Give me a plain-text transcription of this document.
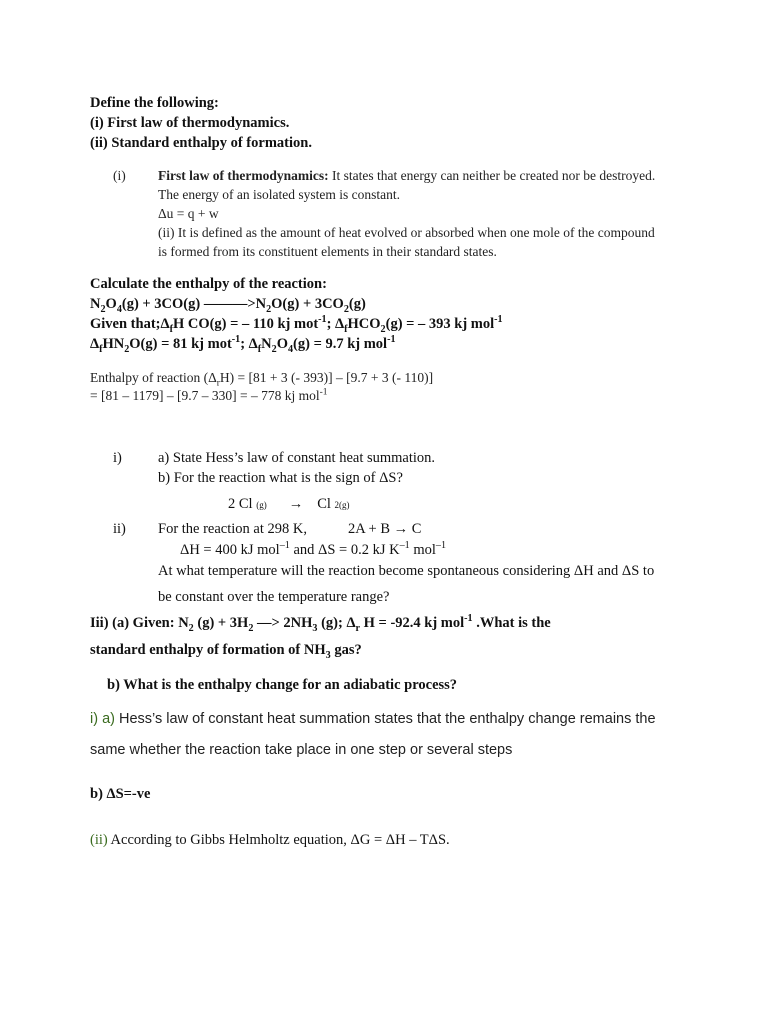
Define the following:
(i) First law of thermodynamics.
(ii) Standard enthalpy of formation.
(i) First law of thermodynamics: It states that energy can neither be created nor be destroyed.
The energy of an isolated system is constant.
Δu = q + w
(ii) It is defined as the amount of heat evolved or absorbed when one mole of the compound
is formed from its constituent elements in their standard states.
Calculate the enthalpy of the reaction:
$N_2O_4(g) + 3CO(g)$ $———>N_2O(g) + 3CO_2(g)$
Given $that;\Delta_fH$ CO(g) = – 110 kj mot$^{-1}$; $\Delta_fHCO_2(g)$ = – 393 kj mol$^{-1}$
$\Delta_fHN_2O(g) = 81$ kj mot$^{-1}$; $\Delta_fN_2O_4(g) = 9.7$ kj mol$^{-1}$
Enthalpy of reaction $(\Delta_rH) = [81 + 3$ (- 393)] – [9.7 + 3 (- 110)]
= [81 – 1179] – [9.7 – 330] = – 778 kj mol$^{-1}$
i) a) State Hess’s law of constant heat summation.
b) For the reaction what is the sign of ΔS?
2 Cl (g) → Cl 2(g)
ii) For the reaction at 298 K,	2A + B → C
ΔH = 400 kJ mol$^{-1}$ and ΔS = 0.2 kJ $K^{-1}$ mol$^{-1}$
At what temperature will the reaction become spontaneous considering ΔH and ΔS to
be constant over the temperature range?
Iii) (a) Given: $N_2$ $(g) + 3H_2$ —> $2NH_3$ (g); $\Delta_r$ H = -92.4 kj mol$^{-1}$ .What is the
standard enthalpy of formation of $NH_3$ gas?
b) What is the enthalpy change for an adiabatic process?
i) a) Hess’s law of constant heat summation states that the enthalpy change remains the
same whether the reaction take place in one step or several steps
b) ΔS=-ve
(ii) According to Gibbs Helmholtz equation, ΔG = ΔH – TΔS.
